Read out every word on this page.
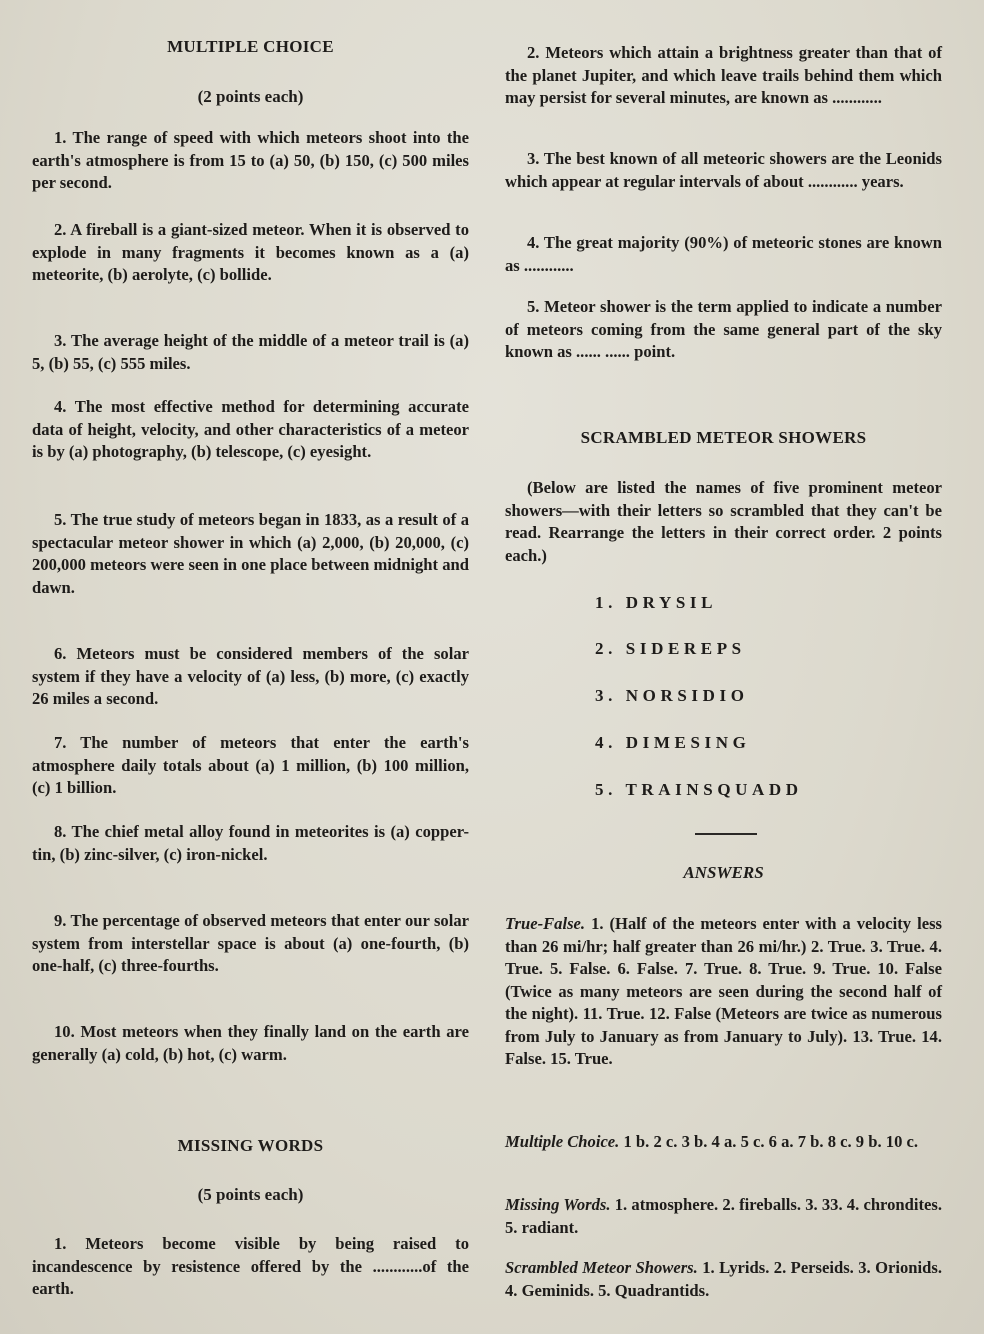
MULTIPLE CHOICE
(2 points each)

1. The range of speed with which meteors shoot into the earth's atmosphere is from 15 to (a) 50, (b) 150, (c) 500 miles per second.

2. A fireball is a giant-sized meteor. When it is observed to explode in many fragments it becomes known as a (a) meteorite, (b) aerolyte, (c) bollide.

3. The average height of the middle of a meteor trail is (a) 5, (b) 55, (c) 555 miles.

4. The most effective method for determining accurate data of height, velocity, and other characteristics of a meteor is by (a) photography, (b) telescope, (c) eyesight.

5. The true study of meteors began in 1833, as a result of a spectacular meteor shower in which (a) 2,000, (b) 20,000, (c) 200,000 meteors were seen in one place between midnight and dawn.

6. Meteors must be considered members of the solar system if they have a velocity of (a) less, (b) more, (c) exactly 26 miles a second.

7. The number of meteors that enter the earth's atmosphere daily totals about (a) 1 million, (b) 100 million, (c) 1 billion.

8. The chief metal alloy found in meteorites is (a) copper-tin, (b) zinc-silver, (c) iron-nickel.

9. The percentage of observed meteors that enter our solar system from interstellar space is about (a) one-fourth, (b) one-half, (c) three-fourths.

10. Most meteors when they finally land on the earth are generally (a) cold, (b) hot, (c) warm.

MISSING WORDS
(5 points each)

1. Meteors become visible by being raised to incandescence by resistence offered by the ............of the earth.

2. Meteors which attain a brightness greater than that of the planet Jupiter, and which leave trails behind them which may persist for several minutes, are known as ............

3. The best known of all meteoric showers are the Leonids which appear at regular intervals of about ............ years.

4. The great majority (90%) of meteoric stones are known as ............

5. Meteor shower is the term applied to indicate a number of meteors coming from the same general part of the sky known as ...... ...... point.

SCRAMBLED METEOR SHOWERS

(Below are listed the names of five prominent meteor showers—with their letters so scrambled that they can't be read. Rearrange the letters in their correct order. 2 points each.)

1. DRYSIL
2. SIDEREPS
3. NORSIDIO
4. DIMESING
5. TRAINSQUADD
ANSWERS

True-False. 1. (Half of the meteors enter with a velocity less than 26 mi/hr; half greater than 26 mi/hr.) 2. True. 3. True. 4. True. 5. False. 6. False. 7. True. 8. True. 9. True. 10. False (Twice as many meteors are seen during the second half of the night). 11. True. 12. False (Meteors are twice as numerous from July to January as from January to July). 13. True. 14. False. 15. True.

Multiple Choice. 1 b. 2 c. 3 b. 4 a. 5 c. 6 a. 7 b. 8 c. 9 b. 10 c.

Missing Words. 1. atmosphere. 2. fireballs. 3. 33. 4. chrondites. 5. radiant.

Scrambled Meteor Showers. 1. Lyrids. 2. Perseids. 3. Orionids. 4. Geminids. 5. Quadrantids.
